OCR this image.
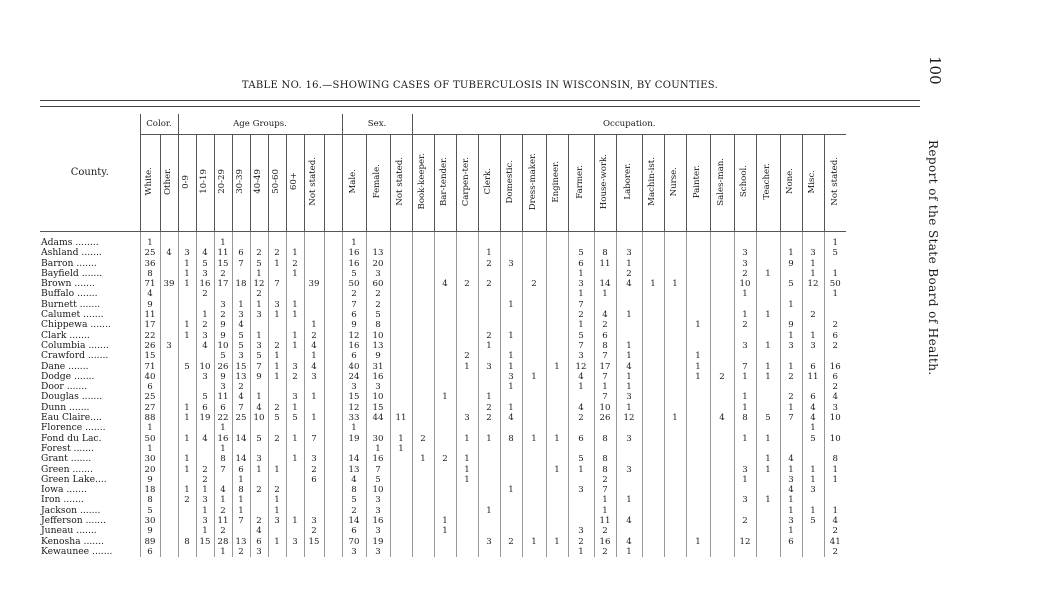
TABLE NO. 16.—SHOWING CASES OF TUBERCULOSIS IN WISCONSIN, BY COUNTIES.
100
Report of the State Board of Health.
County.	Color.		Age Groups.									Sex.			Occupation.																		
	White.	Other.	0-9	10-19	20-29	30-39	40-49	50-60	60+	Not stated.		Male.	Female.	Not stated.	Book-keeper.	Bar-tender.	Carpen-ter.	Clerk.	Domestic.	Dress-maker.	Engineer.	Farmer.	House-work.	Laborer.	Machin-ist.	Nurse.	Painter.	Sales-man.	School.	Teacher.	None.	Misc.	Not stated.
Adams ........	1				1							1																					1
Ashland .......	25	4	3	4	11	6	2	2	1			16	13					1				5	8	3					3		1	3	5
Barron .......	36		1	5	15	7	5	1	2			16	20					2	3			6	11	1					3		9	1	
Bayfield .......	8		1	3	2		1		1			5	3									1		2					2	1		1	1
Brown .......	71	39	1	16	17	18	12	7		39		50	60			4	2	2		2		3	14	4	1	1			10		5	12	50
Buffalo .......	4			2			2					2	2									1	1						1				1
Burnett .......	9				3	1	1	3	1			7	2						1			7									1		
Calumet .......	11			1	2	3	3	1	1			6	5									2	4	1					1	1		2	
Chippewa .......	17		1	2	9	4				1		9	8									1	2				1		2		9		2
Clark .......	22		1	3	9	5	1		1	2		12	10					2	1			5	6								1	1	6
Columbia .......	26	3		4	10	5	3	2	1	4		16	13					1				7	8	1					3	1	3	3	2
Crawford .......	15				5	3	5	1		1		6	9				2		1			3	7	1			1						
Dane .......	71		5	10	26	15	7	1	3	4		40	31				1	3	1		1	12	17	4			1		7	1	1	6	16
Dodge .......	40			3	9	13	9	1	2	3		24	16						3	1		4	7	1			1	2	1	1	2	11	6
Door .......	6				3	2						3	3						1			1	1	1									2
Douglas .......	25			5	11	4	1		3	1		15	10			1		1					7	3					1		2	6	4
Dunn .......	27		1	6	6	7	4	2	1			12	15					2	1			4	10	1					1		1	4	3
Eau Claire....	88		1	19	22	25	10	5	5	1		33	44	11			3	2	4			2	26	12		1		4	8	5	7	4	10
Florence .......	1				1							1																				1	
Fond du Lac.	50		1	4	16	14	5	2	1	7		19	30	1	2		1	1	8	1	1	6	8	3					1	1		5	10
Forest .......	1				1								1	1																			
Grant .......	30		1		8	14	3		1	3		14	16		1	2	1					5	8							1	4		8
Green .......	20		1	2	7	6	1	1		2		13	7				1				1	1	8	3					3	1	1	1	1
Green Lake....	9			2		1				6		4	5				1						2						1		3	1	1
Iowa .......	18		1	1	4	8	2	2				8	10						1			3	7								4	3	
Iron .......	8		2	3	1	1		1				5	3										1	1					3	1	1		
Jackson .......	5			1	2	1		1				2	3					1					1								1	1	1
Jefferson .......	30			3	11	7	2	3	1	3		14	16			1							11	4					2		3	5	4
Juneau .......	9			1	2		4			2		6	3			1						3	2								1		2
Kenosha .......	89		8	15	28	13	6	1	3	15		70	19					3	2	1	1	2	16	4			1		12		6		41
Kewaunee .......	6				1	2	3					3	3									1	2	1									2
